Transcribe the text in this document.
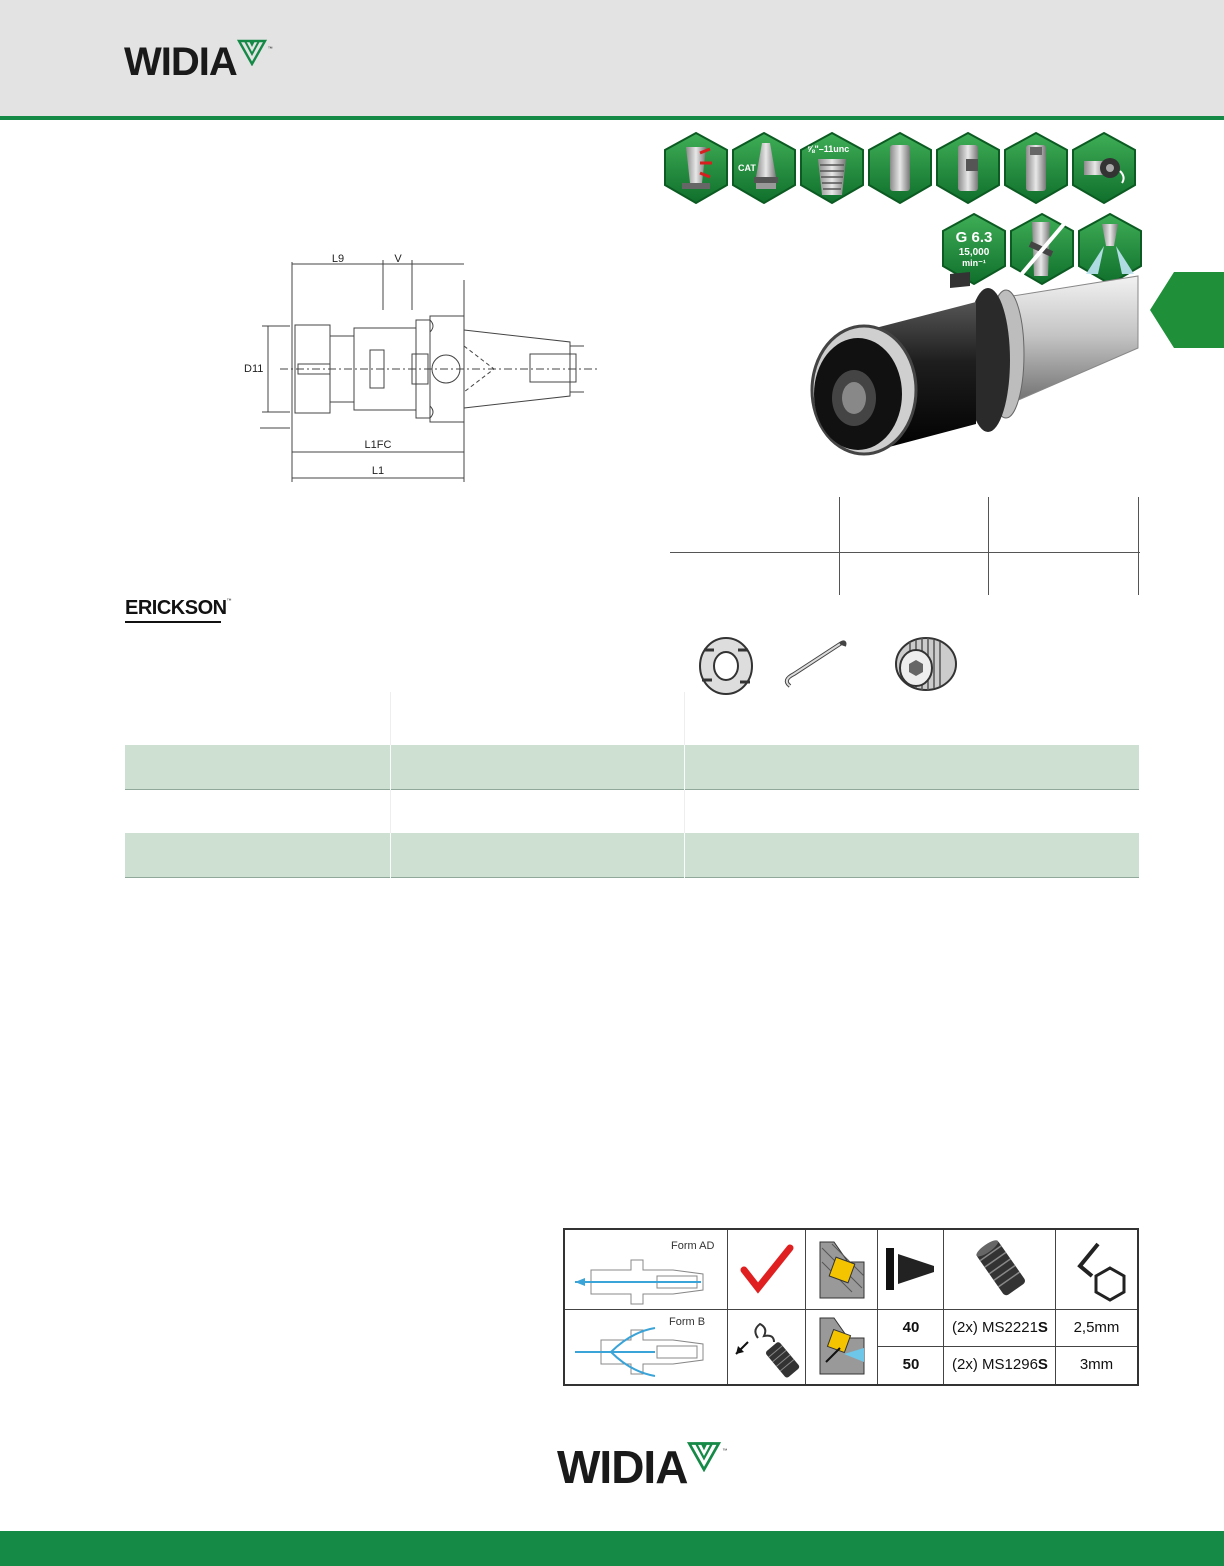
WIDIA	™
CAT
⅝"–11unc
G 6.3
15,000
min⁻¹
L9	V
D11
L1FC
L1
ERICKSON™
Form AD
Form B	40	(2x) MS2221S	2,5mm
50	(2x) MS1296S	3mm
WIDIA	™
